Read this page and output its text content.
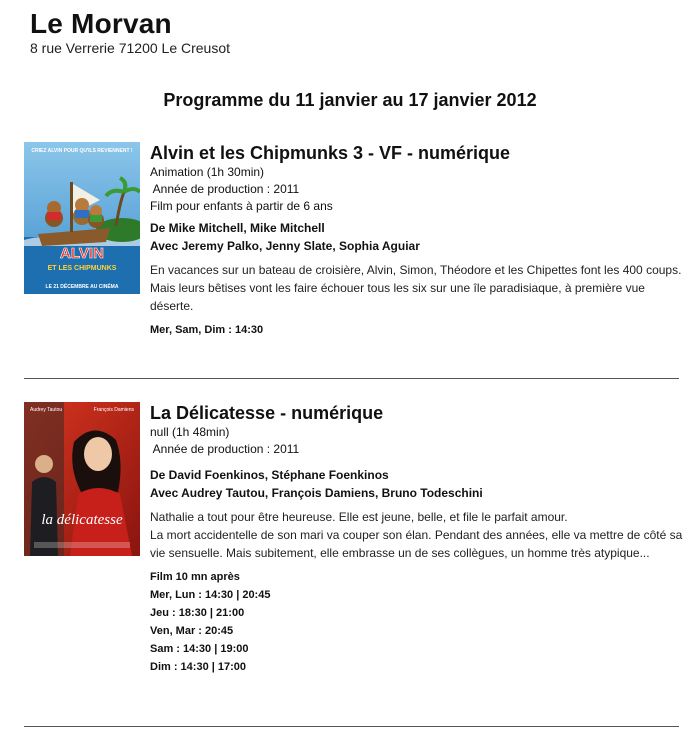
Le Morvan
8 rue Verrerie 71200 Le Creusot
Programme du 11 janvier au 17 janvier 2012
ALVIN
ET LES CHIPMUNKS
CRIEZ ALVIN POUR QU'ILS REVIENNENT !
LE 21 DÉCEMBRE AU CINÉMA
Alvin et les Chipmunks 3 - VF - numérique
Animation (1h 30min)
Année de production : 2011
Film pour enfants à partir de 6 ans
De Mike Mitchell, Mike Mitchell
Avec Jeremy Palko, Jenny Slate, Sophia Aguiar
En vacances sur un bateau de croisière, Alvin, Simon, Théodore et les Chipettes font les 400 coups. Mais leurs bêtises vont les faire échouer tous les six sur une île paradisiaque, à première vue déserte.
Mer, Sam, Dim : 14:30
Audrey Tautou	François Damiens
la délicatesse
La Délicatesse - numérique
null (1h 48min)
Année de production : 2011
De David Foenkinos, Stéphane Foenkinos
Avec Audrey Tautou, François Damiens, Bruno Todeschini
Nathalie a tout pour être heureuse. Elle est jeune, belle, et file le parfait amour.
La mort accidentelle de son mari va couper son élan. Pendant des années, elle va mettre de côté sa vie sensuelle. Mais subitement, elle embrasse un de ses collègues, un homme très atypique...
Film 10 mn après
Mer, Lun : 14:30 | 20:45
Jeu : 18:30 | 21:00
Ven, Mar : 20:45
Sam : 14:30 | 19:00
Dim : 14:30 | 17:00
